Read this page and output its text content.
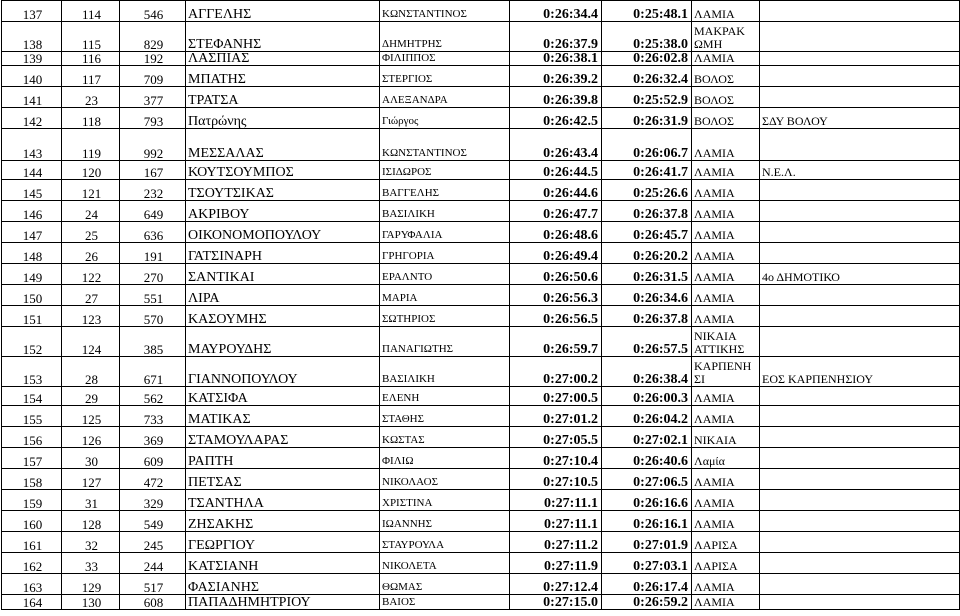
137	114	546	ΑΓΓΕΛΗΣ	ΚΩΝΣΤΑΝΤΙΝΟΣ	0:26:34.4	0:25:48.1	ΛΑΜΙΑ	
138	115	829	ΣΤΕΦΑΝΗΣ	ΔΗΜΗΤΡΗΣ	0:26:37.9	0:25:38.0	ΜΑΚΡΑΚ ΩΜΗ	
139	116	192	ΛΑΣΠΙΑΣ	ΦΙΛΙΠΠΟΣ	0:26:38.1	0:26:02.8	ΛΑΜΙΑ	
140	117	709	ΜΠΑΤΗΣ	ΣΤΕΡΓΙΟΣ	0:26:39.2	0:26:32.4	ΒΟΛΟΣ	
141	23	377	ΤΡΑΤΣΑ	ΑΛΕΞΑΝΔΡΑ	0:26:39.8	0:25:52.9	ΒΟΛΟΣ	
142	118	793	Πατρώνης	Γιώργος	0:26:42.5	0:26:31.9	ΒΟΛΟΣ	ΣΔΥ ΒΟΛΟΥ
143	119	992	ΜΕΣΣΑΛΑΣ	ΚΩΝΣΤΑΝΤΙΝΟΣ	0:26:43.4	0:26:06.7	ΛΑΜΙΑ	
144	120	167	ΚΟΥΤΣΟΥΜΠΟΣ	ΙΣΙΔΩΡΟΣ	0:26:44.5	0:26:41.7	ΛΑΜΙΑ	Ν.Ε.Λ.
145	121	232	ΤΣΟΥΤΣΙΚΑΣ	ΒΑΓΓΕΛΗΣ	0:26:44.6	0:25:26.6	ΛΑΜΙΑ	
146	24	649	ΑΚΡΙΒΟΥ	ΒΑΣΙΛΙΚΗ	0:26:47.7	0:26:37.8	ΛΑΜΙΑ	
147	25	636	ΟΙΚΟΝΟΜΟΠΟΥΛΟΥ	ΓΑΡΥΦΑΛΙΑ	0:26:48.6	0:26:45.7	ΛΑΜΙΑ	
148	26	191	ΓΑΤΣΙΝΑΡΗ	ΓΡΗΓΟΡΙΑ	0:26:49.4	0:26:20.2	ΛΑΜΙΑ	
149	122	270	ΣΑΝΤΙΚΑΙ	ΕΡΑΛΝΤΟ	0:26:50.6	0:26:31.5	ΛΑΜΙΑ	4ο ΔΗΜΟΤΙΚΟ
150	27	551	ΛΙΡΑ	ΜΑΡΙΑ	0:26:56.3	0:26:34.6	ΛΑΜΙΑ	
151	123	570	ΚΑΣΟΥΜΗΣ	ΣΩΤΗΡΙΟΣ	0:26:56.5	0:26:37.8	ΛΑΜΙΑ	
152	124	385	ΜΑΥΡΟΥΔΗΣ	ΠΑΝΑΓΙΩΤΗΣ	0:26:59.7	0:26:57.5	ΝΙΚΑΙΑ ΑΤΤΙΚΗΣ	
153	28	671	ΓΙΑΝΝΟΠΟΥΛΟΥ	ΒΑΣΙΛΙΚΗ	0:27:00.2	0:26:38.4	ΚΑΡΠΕΝΗ ΣΙ	ΕΟΣ ΚΑΡΠΕΝΗΣΙΟΥ
154	29	562	ΚΑΤΣΙΦΑ	ΕΛΕΝΗ	0:27:00.5	0:26:00.3	ΛΑΜΙΑ	
155	125	733	ΜΑΤΙΚΑΣ	ΣΤΑΘΗΣ	0:27:01.2	0:26:04.2	ΛΑΜΙΑ	
156	126	369	ΣΤΑΜΟΥΛΑΡΑΣ	ΚΩΣΤΑΣ	0:27:05.5	0:27:02.1	ΝΙΚΑΙΑ	
157	30	609	ΡΑΠΤΗ	ΦΙΛΙΩ	0:27:10.4	0:26:40.6	Λαμία	
158	127	472	ΠΕΤΣΑΣ	ΝΙΚΟΛΑΟΣ	0:27:10.5	0:27:06.5	ΛΑΜΙΑ	
159	31	329	ΤΣΑΝΤΗΛΑ	ΧΡΙΣΤΙΝΑ	0:27:11.1	0:26:16.6	ΛΑΜΙΑ	
160	128	549	ΖΗΣΑΚΗΣ	ΙΩΑΝΝΗΣ	0:27:11.1	0:26:16.1	ΛΑΜΙΑ	
161	32	245	ΓΕΩΡΓΙΟΥ	ΣΤΑΥΡΟΥΛΑ	0:27:11.2	0:27:01.9	ΛΑΡΙΣΑ	
162	33	244	ΚΑΤΣΙΑΝΗ	ΝΙΚΟΛΕΤΑ	0:27:11.9	0:27:03.1	ΛΑΡΙΣΑ	
163	129	517	ΦΑΣΙΑΝΗΣ	ΘΩΜΑΣ	0:27:12.4	0:26:17.4	ΛΑΜΙΑ	
164	130	608	ΠΑΠΑΔΗΜΗΤΡΙΟΥ	ΒΑΙΟΣ	0:27:15.0	0:26:59.2	ΛΑΜΙΑ	
